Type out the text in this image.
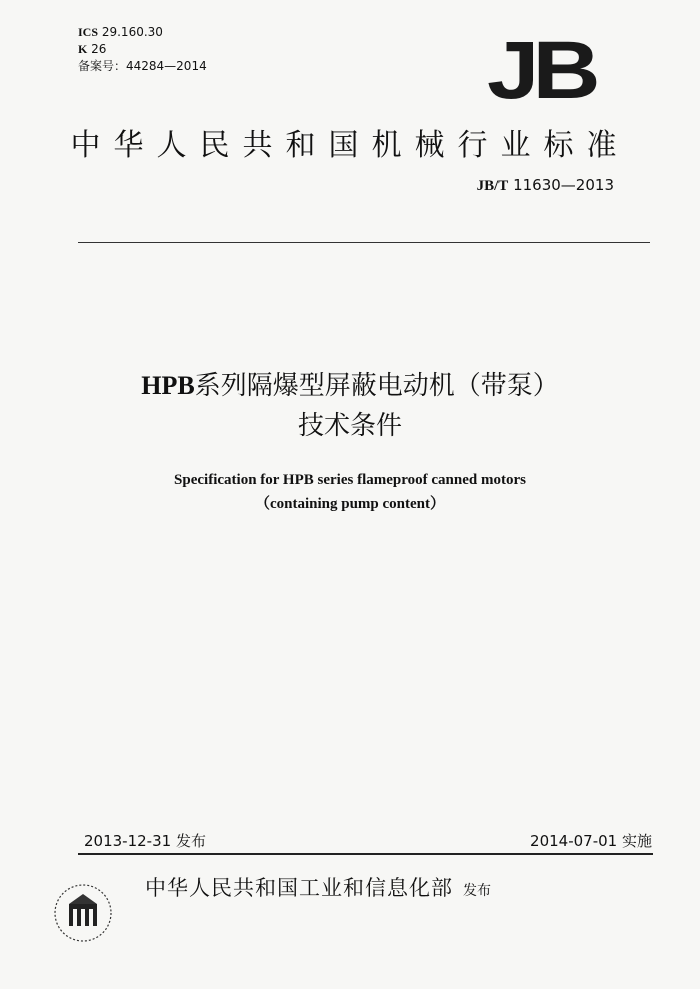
ICS 29.160.30
K 26
备案号：44284—2014	JB
中华人民共和国机械行业标准
JB/T 11630—2013
HPB系列隔爆型屏蔽电动机（带泵）
技术条件
Specification for HPB series flameproof canned motors
（containing pump content）
2013-12-31 发布	2014-07-01 实施
中华人民共和国工业和信息化部 发布
